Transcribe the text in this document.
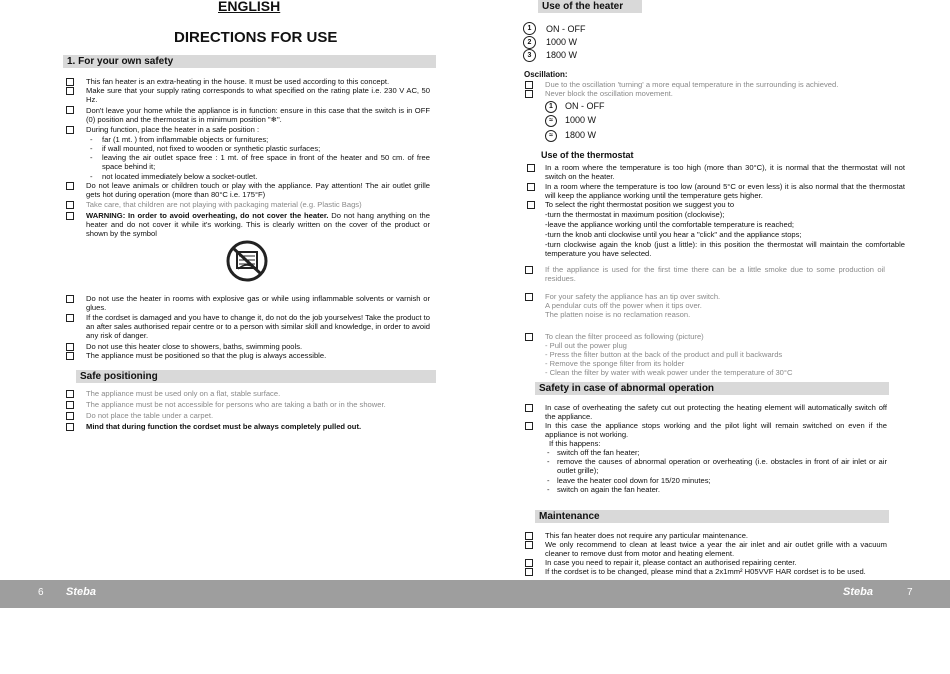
ENGLISH
DIRECTIONS FOR USE
1. For your own safety
This fan heater is an extra-heating in the house. It must be used according to this concept.
Make sure that your supply rating corresponds to what specified on the rating plate i.e. 230 V AC, 50 Hz.
Don't leave your home while the appliance is in function: ensure in this case that the switch is in OFF (0) position and the thermostat is in minimum position "❄".
During function, place the heater in a safe position :
-	far (1 mt. ) from inflammable objects or furnitures;
-	if wall mounted, not fixed to wooden or synthetic plastic surfaces;
-	leaving the air outlet space free : 1 mt. of free space in front of the heater and 50 cm. of free space behind it;
-	not located immediately below a socket-outlet.
Do not leave animals or children touch or play with the appliance. Pay attention! The air outlet grille gets hot during operation (more than 80°C i.e. 175°F)
Take care, that children are not playing with packaging material (e.g. Plastic Bags)
WARNING: In order to avoid overheating, do not cover the heater. Do not hang anything on the heater and do not cover it while it's working. This is clearly written on the cover of the product or shown by the symbol
Do not use the heater in rooms with explosive gas or while using inflammable solvents or varnish or glues.
If the cordset is damaged and you have to change it, do not do the job yourselves! Take the product to an after sales authorised repair centre or to a person with similar skill and knowledge, in order to avoid any risk of danger.
Do not use this heater close to showers, baths, swimming pools.
The appliance must be positioned so that the plug is always accessible.
Safe positioning
The appliance must be used only on a flat, stable surface.
The appliance must be not accessible for persons who are taking a bath or in the shower.
Do not place the table under a carpet.
Mind that during function the cordset must be always completely pulled out.
Use of the heater
1	ON - OFF
2	1000 W
3	1800 W
Oscillation:
Due to the oscillation 'turning' a more equal temperature in the surrounding is achieved.
Never block the oscillation movement.
1	ON - OFF
≈	1000 W
≈	1800 W
Use of the thermostat
In a room where the temperature is too high (more than 30°C), it is normal that the thermostat will not switch on the heater.
In a room where the temperature is too low (around 5°C or even less) it is also normal that the thermostat will keep the appliance working until the temperature gets higher.
To select the right thermostat position we suggest you to
-turn the thermostat in maximum position (clockwise);
-leave the appliance working until the comfortable temperature is reached;
-turn the knob anti clockwise until you hear a "click" and the appliance stops;
-turn clockwise again the knob (just a little): in this position the thermostat will maintain the comfortable temperature you have selected.
If the appliance is used for the first time there can be a little smoke due to some production oil residues.
For your safety the appliance has an tip over switch.
A pendular cuts off the power when it tips over.
The platten noise is no reclamation reason.
To clean the filter proceed as following (picture)
- Pull out the power plug
- Press the filter button at the back of the product and pull it backwards
- Remove the sponge filter from its holder
- Clean the filter by water with weak power under the temperature of 30°C
Safety in case of abnormal operation
In case of overheating the safety cut out protecting the heating element will automatically switch off the appliance.
In this case the appliance stops working and the pilot light will remain switched on even if the appliance is not working.
If this happens:
- switch off the fan heater;
- remove the causes of abnormal operation or overheating (i.e. obstacles in front of air inlet or air outlet grille);
- leave the heater cool down for 15/20 minutes;
- switch on again the fan heater.
Maintenance
This fan heater does not require any particular maintenance.
We only recommend to clean at least twice a year the air inlet and air outlet grille with a vacuum cleaner to remove dust from motor and heating element.
In case you need to repair it, please contact an authorised repairing center.
If the cordset is to be changed, please mind that a 2x1mm² H05VVF HAR cordset is to be used.
6 Steba	Steba	7
